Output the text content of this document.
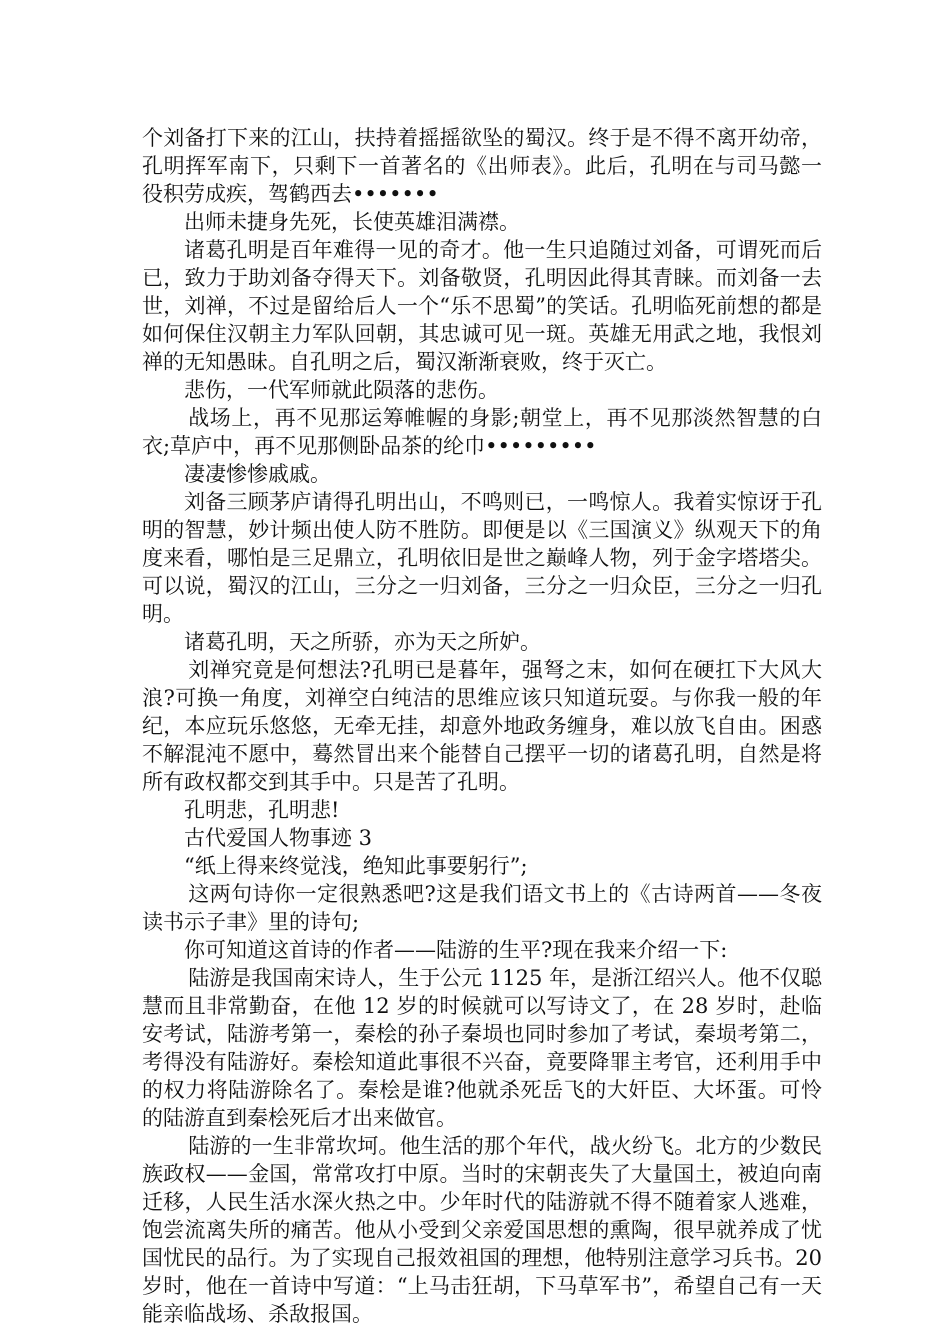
个刘备打下来的江山，扶持着摇摇欲坠的蜀汉。终于是不得不离开幼帝，孔明挥军南下，只剩下一首著名的《出师表》。此后，孔明在与司马懿一役积劳成疾，驾鹤西去•••••••

出师未捷身先死，长使英雄泪满襟。

诸葛孔明是百年难得一见的奇才。他一生只追随过刘备，可谓死而后已，致力于助刘备夺得天下。刘备敬贤，孔明因此得其青睐。而刘备一去世，刘禅，不过是留给后人一个“乐不思蜀”的笑话。孔明临死前想的都是如何保住汉朝主力军队回朝，其忠诚可见一斑。英雄无用武之地，我恨刘禅的无知愚昧。自孔明之后，蜀汉渐渐衰败，终于灭亡。

悲伤，一代军师就此陨落的悲伤。

战场上，再不见那运筹帷幄的身影;朝堂上，再不见那淡然智慧的白衣;草庐中，再不见那侧卧品茶的纶巾•••••••••

凄凄惨惨戚戚。

刘备三顾茅庐请得孔明出山，不鸣则已，一鸣惊人。我着实惊讶于孔明的智慧，妙计频出使人防不胜防。即便是以《三国演义》纵观天下的角度来看，哪怕是三足鼎立，孔明依旧是世之巅峰人物，列于金字塔塔尖。可以说，蜀汉的江山，三分之一归刘备，三分之一归众臣，三分之一归孔明。

诸葛孔明，天之所骄，亦为天之所妒。

刘禅究竟是何想法?孔明已是暮年，强弩之末，如何在硬扛下大风大浪?可换一角度，刘禅空白纯洁的思维应该只知道玩耍。与你我一般的年纪，本应玩乐悠悠，无牵无挂，却意外地政务缠身，难以放飞自由。困惑不解混沌不愿中，蓦然冒出来个能替自己摆平一切的诸葛孔明，自然是将所有政权都交到其手中。只是苦了孔明。

孔明悲，孔明悲!

古代爱国人物事迹 3

“纸上得来终觉浅，绝知此事要躬行”;

这两句诗你一定很熟悉吧?这是我们语文书上的《古诗两首——冬夜读书示子聿》里的诗句;

你可知道这首诗的作者——陆游的生平?现在我来介绍一下:

陆游是我国南宋诗人，生于公元 1125 年，是浙江绍兴人。他不仅聪慧而且非常勤奋，在他 12 岁的时候就可以写诗文了，在 28 岁时，赴临安考试，陆游考第一，秦桧的孙子秦埙也同时参加了考试，秦埙考第二，考得没有陆游好。秦桧知道此事很不兴奋，竟要降罪主考官，还利用手中的权力将陆游除名了。秦桧是谁?他就杀死岳飞的大奸臣、大坏蛋。可怜的陆游直到秦桧死后才出来做官。

陆游的一生非常坎坷。他生活的那个年代，战火纷飞。北方的少数民族政权——金国，常常攻打中原。当时的宋朝丧失了大量国土，被迫向南迁移，人民生活水深火热之中。少年时代的陆游就不得不随着家人逃难，饱尝流离失所的痛苦。他从小受到父亲爱国思想的熏陶，很早就养成了忧国忧民的品行。为了实现自己报效祖国的理想，他特别注意学习兵书。20 岁时，他在一首诗中写道：“上马击狂胡，下马草军书”，希望自己有一天能亲临战场、杀敌报国。
